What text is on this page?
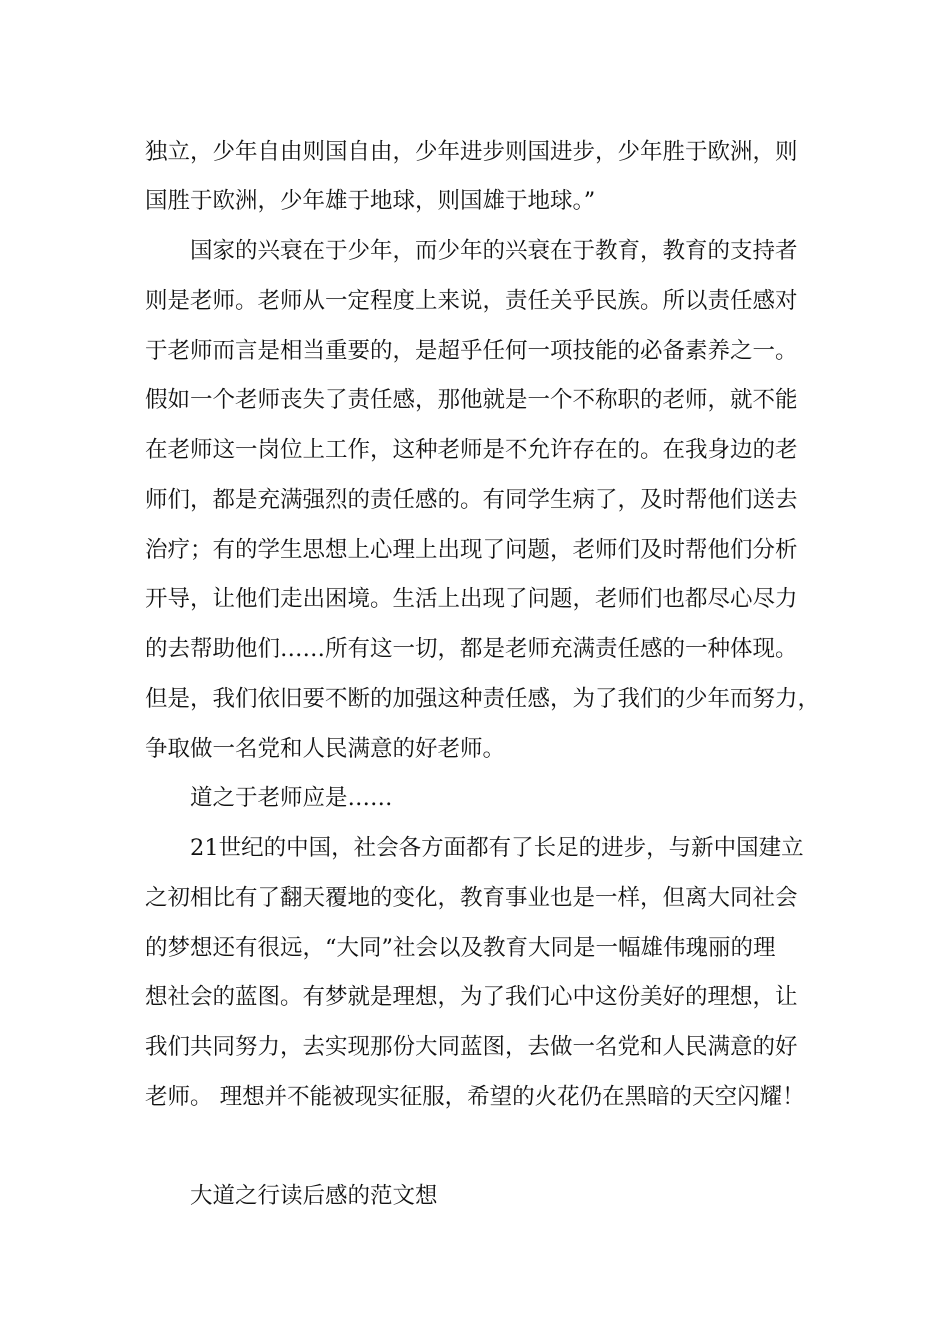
独立，少年自由则国自由，少年进步则国进步，少年胜于欧洲，则
国胜于欧洲，少年雄于地球，则国雄于地球。”
国家的兴衰在于少年，而少年的兴衰在于教育，教育的支持者
则是老师。老师从一定程度上来说，责任关乎民族。所以责任感对
于老师而言是相当重要的，是超乎任何一项技能的必备素养之一。
假如一个老师丧失了责任感，那他就是一个不称职的老师，就不能
在老师这一岗位上工作，这种老师是不允许存在的。在我身边的老
师们，都是充满强烈的责任感的。有同学生病了，及时帮他们送去
治疗；有的学生思想上心理上出现了问题，老师们及时帮他们分析
开导，让他们走出困境。生活上出现了问题，老师们也都尽心尽力
的去帮助他们……所有这一切，都是老师充满责任感的一种体现。
但是，我们依旧要不断的加强这种责任感，为了我们的少年而努力，
争取做一名党和人民满意的好老师。
道之于老师应是……
21世纪的中国，社会各方面都有了长足的进步，与新中国建立
之初相比有了翻天覆地的变化，教育事业也是一样，但离大同社会
的梦想还有很远，“大同”社会以及教育大同是一幅雄伟瑰丽的理
想社会的蓝图。有梦就是理想，为了我们心中这份美好的理想，让
我们共同努力，去实现那份大同蓝图，去做一名党和人民满意的好
老师。 理想并不能被现实征服，希望的火花仍在黑暗的天空闪耀！
大道之行读后感的范文想
